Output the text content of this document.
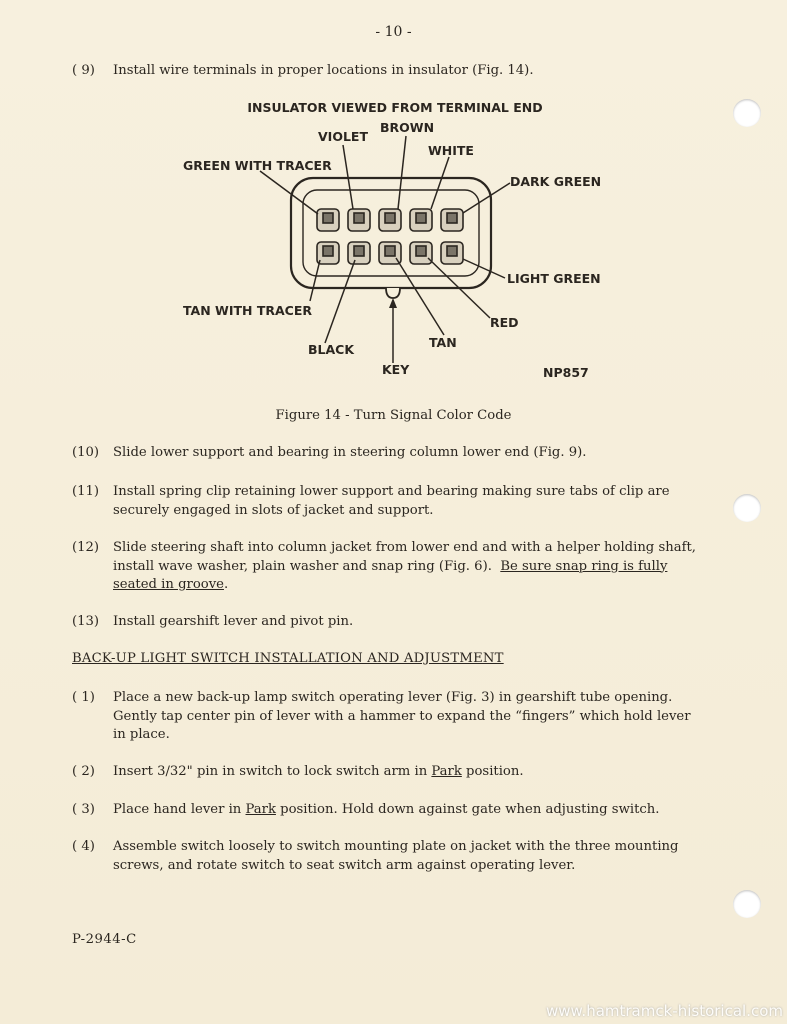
- 10 -
( 9)	Install wire terminals in proper locations in insulator (Fig. 14).
INSULATOR VIEWED FROM TERMINAL END
VIOLET
BROWN
WHITE
GREEN WITH TRACER
DARK GREEN
LIGHT GREEN
TAN WITH TRACER
RED
BLACK	TAN
KEY	NP857
Figure 14 - Turn Signal Color Code
(10)	Slide lower support and bearing in steering column lower end (Fig. 9).
(11)	Install spring clip retaining lower support and bearing making sure tabs of clip are securely engaged in slots of jacket and support.
(12)	Slide steering shaft into column jacket from lower end and with a helper holding shaft, install wave washer, plain washer and snap ring (Fig. 6). Be sure snap ring is fully seated in groove.
(13)	Install gearshift lever and pivot pin.
BACK-UP LIGHT SWITCH INSTALLATION AND ADJUSTMENT
( 1)	Place a new back-up lamp switch operating lever (Fig. 3) in gearshift tube opening. Gently tap center pin of lever with a hammer to expand the “fingers” which hold lever in place.
( 2)	Insert 3/32" pin in switch to lock switch arm in Park position.
( 3)	Place hand lever in Park position. Hold down against gate when adjusting switch.
( 4)	Assemble switch loosely to switch mounting plate on jacket with the three mounting screws, and rotate switch to seat switch arm against operating lever.
P-2944-C
www.hamtramck-historical.com
